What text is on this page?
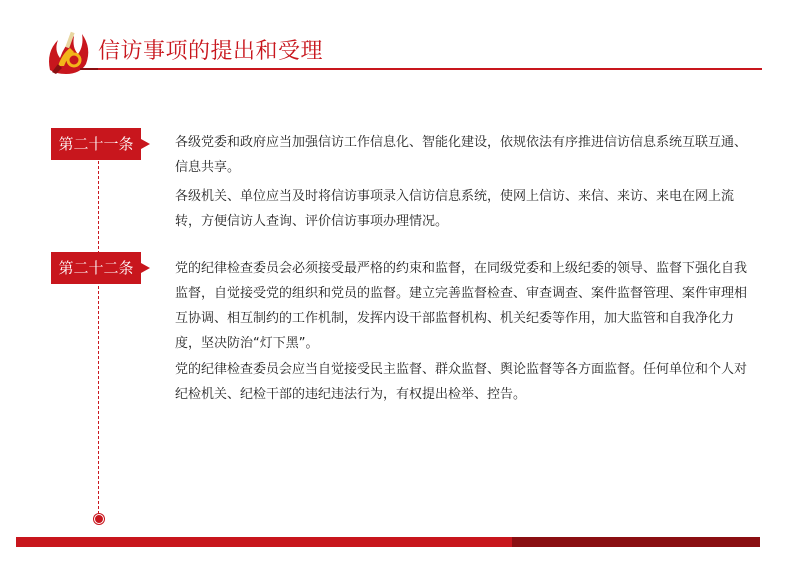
信访事项的提出和受理
第二十一条	各级党委和政府应当加强信访工作信息化、智能化建设，依规依法有序推进信访信息系统互联互通、信息共享。
各级机关、单位应当及时将信访事项录入信访信息系统，使网上信访、来信、来访、来电在网上流转，方便信访人查询、评价信访事项办理情况。
第二十二条	党的纪律检查委员会必须接受最严格的约束和监督，在同级党委和上级纪委的领导、监督下强化自我监督，自觉接受党的组织和党员的监督。建立完善监督检查、审查调查、案件监督管理、案件审理相互协调、相互制约的工作机制，发挥内设干部监督机构、机关纪委等作用，加大监管和自我净化力度，坚决防治“灯下黑”。
党的纪律检查委员会应当自觉接受民主监督、群众监督、舆论监督等各方面监督。任何单位和个人对纪检机关、纪检干部的违纪违法行为，有权提出检举、控告。
